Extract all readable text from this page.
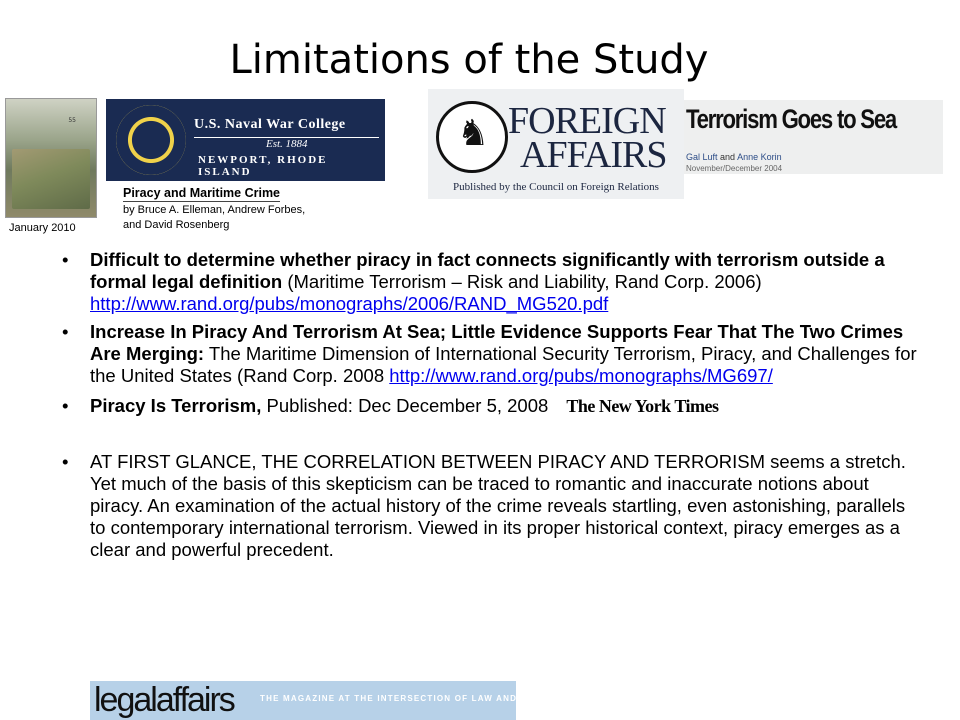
Limitations of the Study
55
January 2010
U.S. Naval War College
Est. 1884
NEWPORT, RHODE ISLAND
Piracy and Maritime Crime
by Bruce A. Elleman, Andrew Forbes,
and David Rosenberg
♞ FOREIGN
AFFAIRS
Published by the Council on Foreign Relations
Terrorism Goes to Sea
Gal Luft and Anne Korin
November/December 2004
• Difficult to determine whether piracy in fact connects significantly with terrorism outside a formal legal definition (Maritime Terrorism – Risk and Liability, Rand Corp. 2006) http://www.rand.org/pubs/monographs/2006/RAND_MG520.pdf
• Increase In Piracy And Terrorism At Sea; Little Evidence Supports Fear That The Two Crimes Are Merging: The Maritime Dimension of International Security Terrorism, Piracy, and Challenges for the United States (Rand Corp. 2008 http://www.rand.org/pubs/monographs/MG697/
• Piracy Is Terrorism, Published: Dec December 5, 2008 The New York Times
• AT FIRST GLANCE, THE CORRELATION BETWEEN PIRACY AND TERRORISM seems a stretch. Yet much of the basis of this skepticism can be traced to romantic and inaccurate notions about piracy. An examination of the actual history of the crime reveals startling, even astonishing, parallels to contemporary international terrorism. Viewed in its proper historical context, piracy emerges as a clear and powerful precedent.
legalaffairs	THE MAGAZINE AT THE INTERSECTION OF LAW AND LIFE
